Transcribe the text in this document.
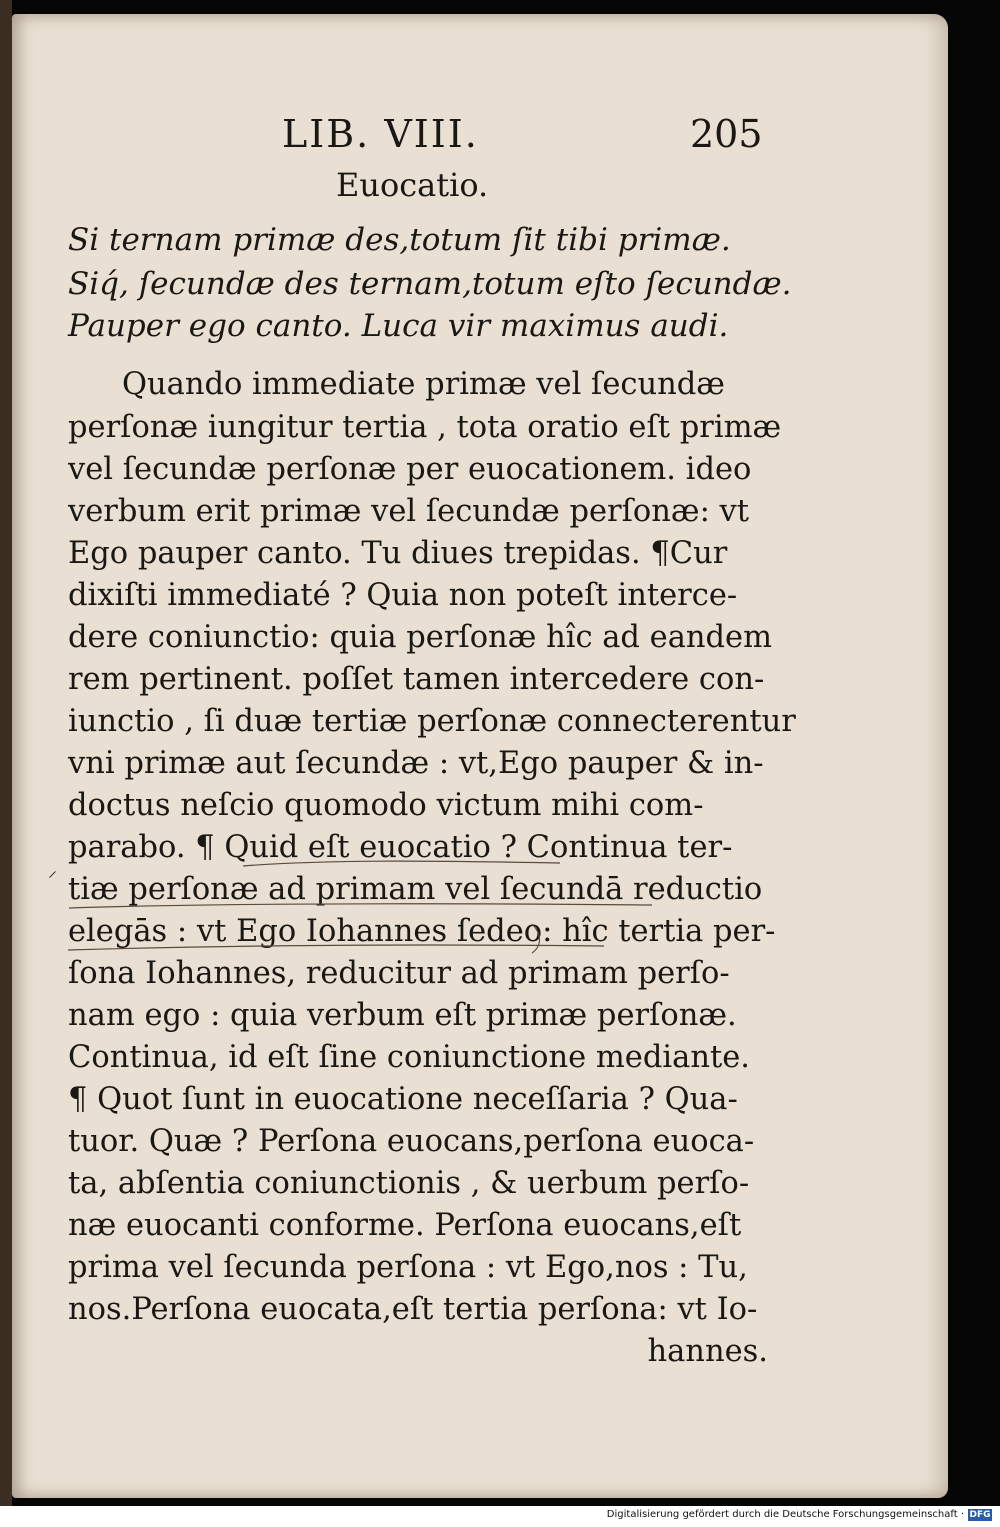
LIB. VIII.	205
Euocatio.
Si ternam primæ des,totum ſit tibi primæ.
Siq́, ſecundæ des ternam,totum eſto ſecundæ.
Pauper ego canto. Luca vir maximus audi.
Quando immediate primæ vel ſecundæ
perſonæ iungitur tertia , tota oratio eſt primæ
vel ſecundæ perſonæ per euocationem. ideo
verbum erit primæ vel ſecundæ perſonæ: vt
Ego pauper canto. Tu diues trepidas. ¶Cur
dixiſti immediaté ? Quia non poteſt interce-
dere coniunctio: quia perſonæ hîc ad eandem
rem pertinent. poſſet tamen intercedere con-
iunctio , ſi duæ tertiæ perſonæ connecterentur
vni primæ aut ſecundæ : vt,Ego pauper & in-
doctus neſcio quomodo victum mihi com-
parabo. ¶ Quid eſt euocatio ? Continua ter-
tiæ perſonæ ad primam vel ſecundā reductio
elegās : vt Ego Iohannes ſedeo: hîc tertia per-
ſona Iohannes, reducitur ad primam perſo-
nam ego : quia verbum eſt primæ perſonæ.
Continua, id eſt ſine coniunctione mediante.
¶ Quot ſunt in euocatione neceſſaria ? Qua-
tuor. Quæ ? Perſona euocans,perſona euoca-
ta, abſentia coniunctionis , & uerbum perſo-
næ euocanti conforme. Perſona euocans,eſt
prima vel ſecunda perſona : vt Ego,nos : Tu,
nos.Perſona euocata,eſt tertia perſona: vt Io-
hannes.
⸍
Digitalisierung gefördert durch die Deutsche Forschungsgemeinschaft · DFG
